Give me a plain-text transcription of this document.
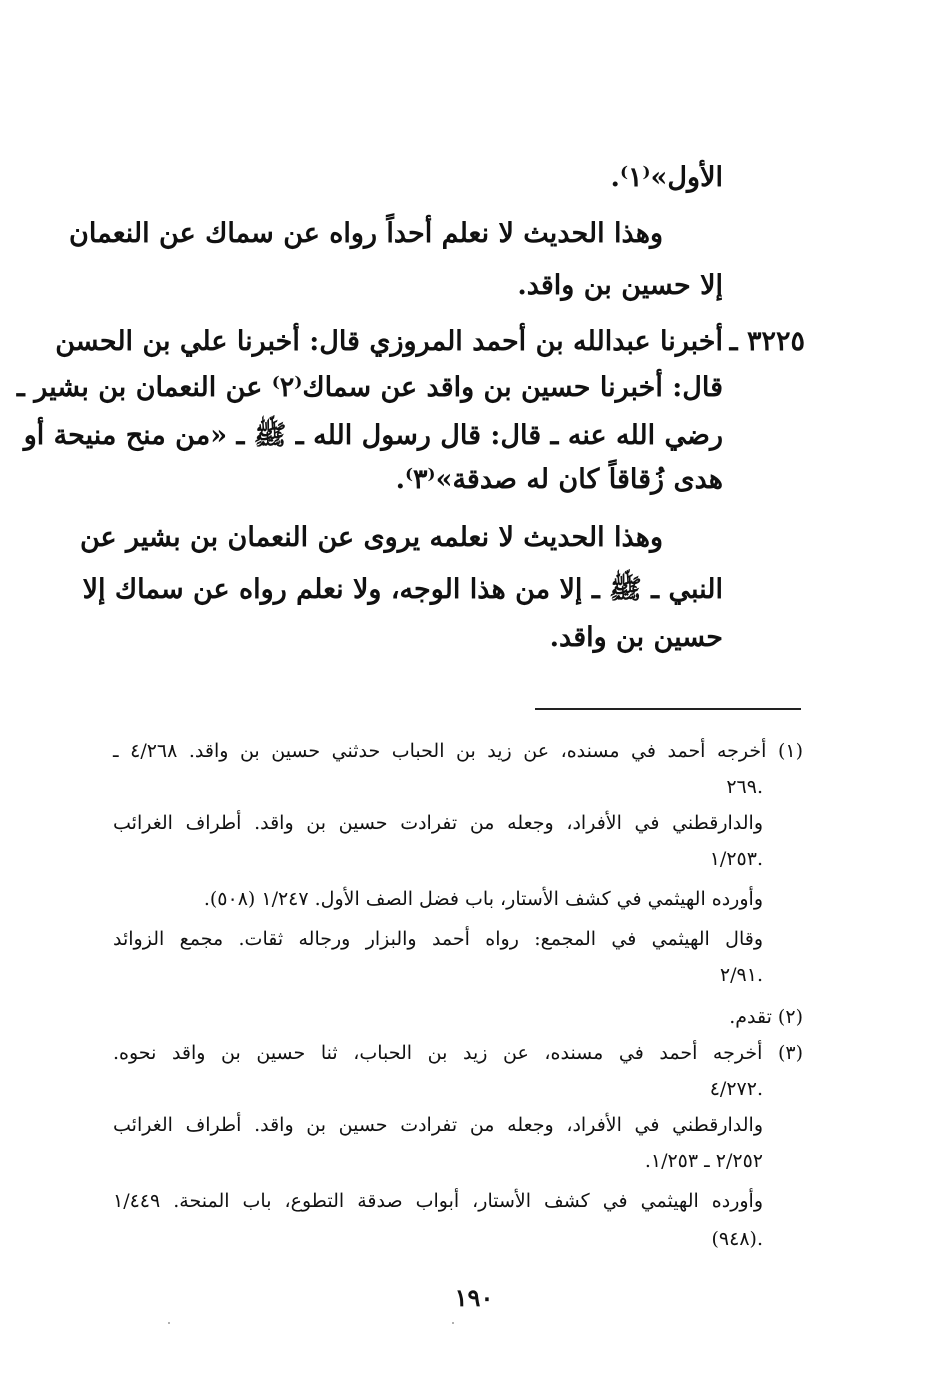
الأول»⁽١⁾.
وهذا الحديث لا نعلم أحداً رواه عن سماك عن النعمان
إلا حسين بن واقد.
٣٢٢٥ ـ
أخبرنا عبدالله بن أحمد المروزي قال: أخبرنا علي بن الحسن
قال: أخبرنا حسين بن واقد عن سماك⁽٢⁾ عن النعمان بن بشير ـ
رضي الله عنه ـ قال: قال رسول الله ـ ﷺ ـ «من منح منيحة أو
هدى زُقاقاً كان له صدقة»⁽٣⁾.
وهذا الحديث لا نعلمه يروى عن النعمان بن بشير عن
النبي ـ ﷺ ـ إلا من هذا الوجه، ولا نعلم رواه عن سماك إلا
حسين بن واقد.
(١) أخرجه أحمد في مسنده، عن زيد بن الحباب حدثني حسين بن واقد. ٤/٢٦٨ ـ
٢٦٩.
والدارقطني في الأفراد، وجعله من تفرادت حسين بن واقد. أطراف الغرائب
١/٢٥٣.
وأورده الهيثمي في كشف الأستار، باب فضل الصف الأول. ١/٢٤٧ (٥٠٨).
وقال الهيثمي في المجمع: رواه أحمد والبزار ورجاله ثقات. مجمع الزوائد
٢/٩١.
(٢) تقدم.
(٣) أخرجه أحمد في مسنده، عن زيد بن الحباب، ثنا حسين بن واقد نحوه.
٤/٢٧٢.
والدارقطني في الأفراد، وجعله من تفرادت حسين بن واقد. أطراف الغرائب
٢/٢٥٢ ـ ١/٢٥٣.
وأورده الهيثمي في كشف الأستار، أبواب صدقة التطوع، باب المنحة. ١/٤٤٩
(٩٤٨).
١٩٠
